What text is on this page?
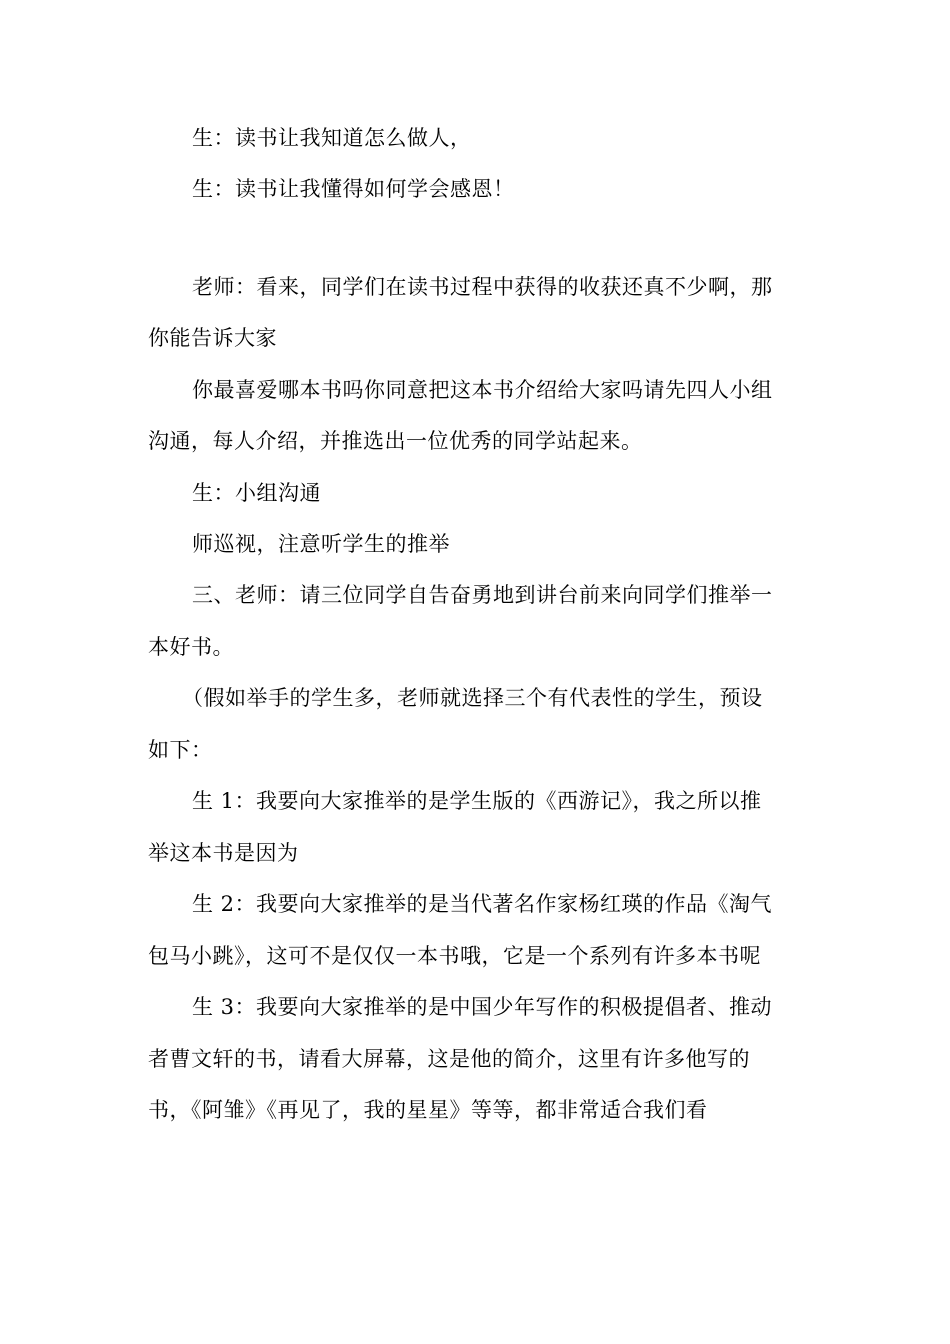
生：读书让我知道怎么做人，
生：读书让我懂得如何学会感恩！
老师：看来，同学们在读书过程中获得的收获还真不少啊，那
你能告诉大家
你最喜爱哪本书吗你同意把这本书介绍给大家吗请先四人小组
沟通，每人介绍，并推选出一位优秀的同学站起来。
生：小组沟通
师巡视，注意听学生的推举
三、老师：请三位同学自告奋勇地到讲台前来向同学们推举一
本好书。
（假如举手的学生多，老师就选择三个有代表性的学生，预设
如下：
生 1：我要向大家推举的是学生版的《西游记》，我之所以推
举这本书是因为
生 2：我要向大家推举的是当代著名作家杨红瑛的作品《淘气
包马小跳》，这可不是仅仅一本书哦，它是一个系列有许多本书呢
生 3：我要向大家推举的是中国少年写作的积极提倡者、推动
者曹文轩的书，请看大屏幕，这是他的简介，这里有许多他写的
书，《阿雏》《再见了，我的星星》等等，都非常适合我们看
